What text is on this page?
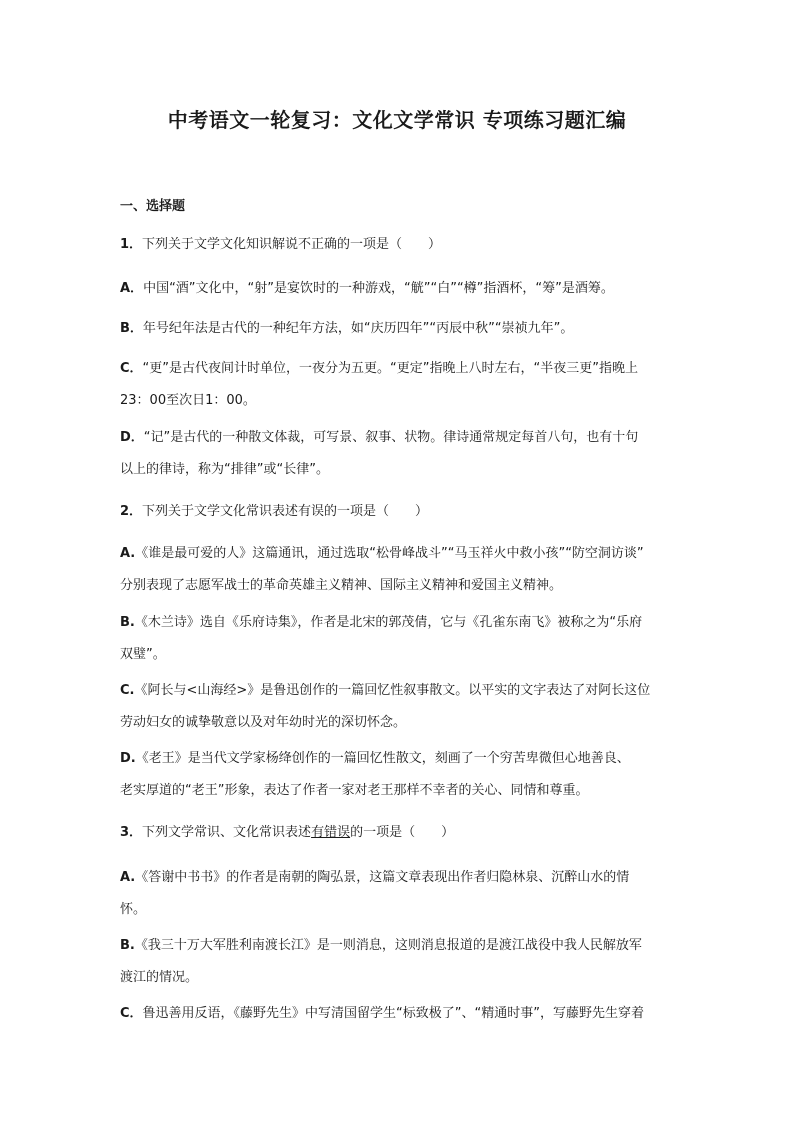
中考语文一轮复习：文化文学常识 专项练习题汇编
一、选择题
1．下列关于文学文化知识解说不正确的一项是（　　）
A．中国“酒”文化中，“射”是宴饮时的一种游戏，“觥”“白”“樽”指酒杯，“筹”是酒筹。
B．年号纪年法是古代的一种纪年方法，如“庆历四年”“丙辰中秋”“崇祯九年”。
C．“更”是古代夜间计时单位，一夜分为五更。“更定”指晚上八时左右，“半夜三更”指晚上
23：00至次日1：00。
D．“记”是古代的一种散文体裁，可写景、叙事、状物。律诗通常规定每首八句，也有十句
以上的律诗，称为“排律”或“长律”。
2．下列关于文学文化常识表述有误的一项是（　　）
A.《谁是最可爱的人》这篇通讯，通过选取“松骨峰战斗”“马玉祥火中救小孩”“防空洞访谈”
分别表现了志愿军战士的革命英雄主义精神、国际主义精神和爱国主义精神。
B.《木兰诗》选自《乐府诗集》，作者是北宋的郭茂倩，它与《孔雀东南飞》被称之为“乐府
双璧”。
C.《阿长与<山海经>》是鲁迅创作的一篇回忆性叙事散文。以平实的文字表达了对阿长这位
劳动妇女的诚挚敬意以及对年幼时光的深切怀念。
D.《老王》是当代文学家杨绛创作的一篇回忆性散文，刻画了一个穷苦卑微但心地善良、
老实厚道的“老王”形象，表达了作者一家对老王那样不幸者的关心、同情和尊重。
3．下列文学常识、文化常识表述有错误的一项是（　　）
A.《答谢中书书》的作者是南朝的陶弘景，这篇文章表现出作者归隐林泉、沉醉山水的情
怀。
B.《我三十万大军胜利南渡长江》是一则消息，这则消息报道的是渡江战役中我人民解放军
渡江的情况。
C．鲁迅善用反语，《藤野先生》中写清国留学生“标致极了”、“精通时事”，写藤野先生穿着
